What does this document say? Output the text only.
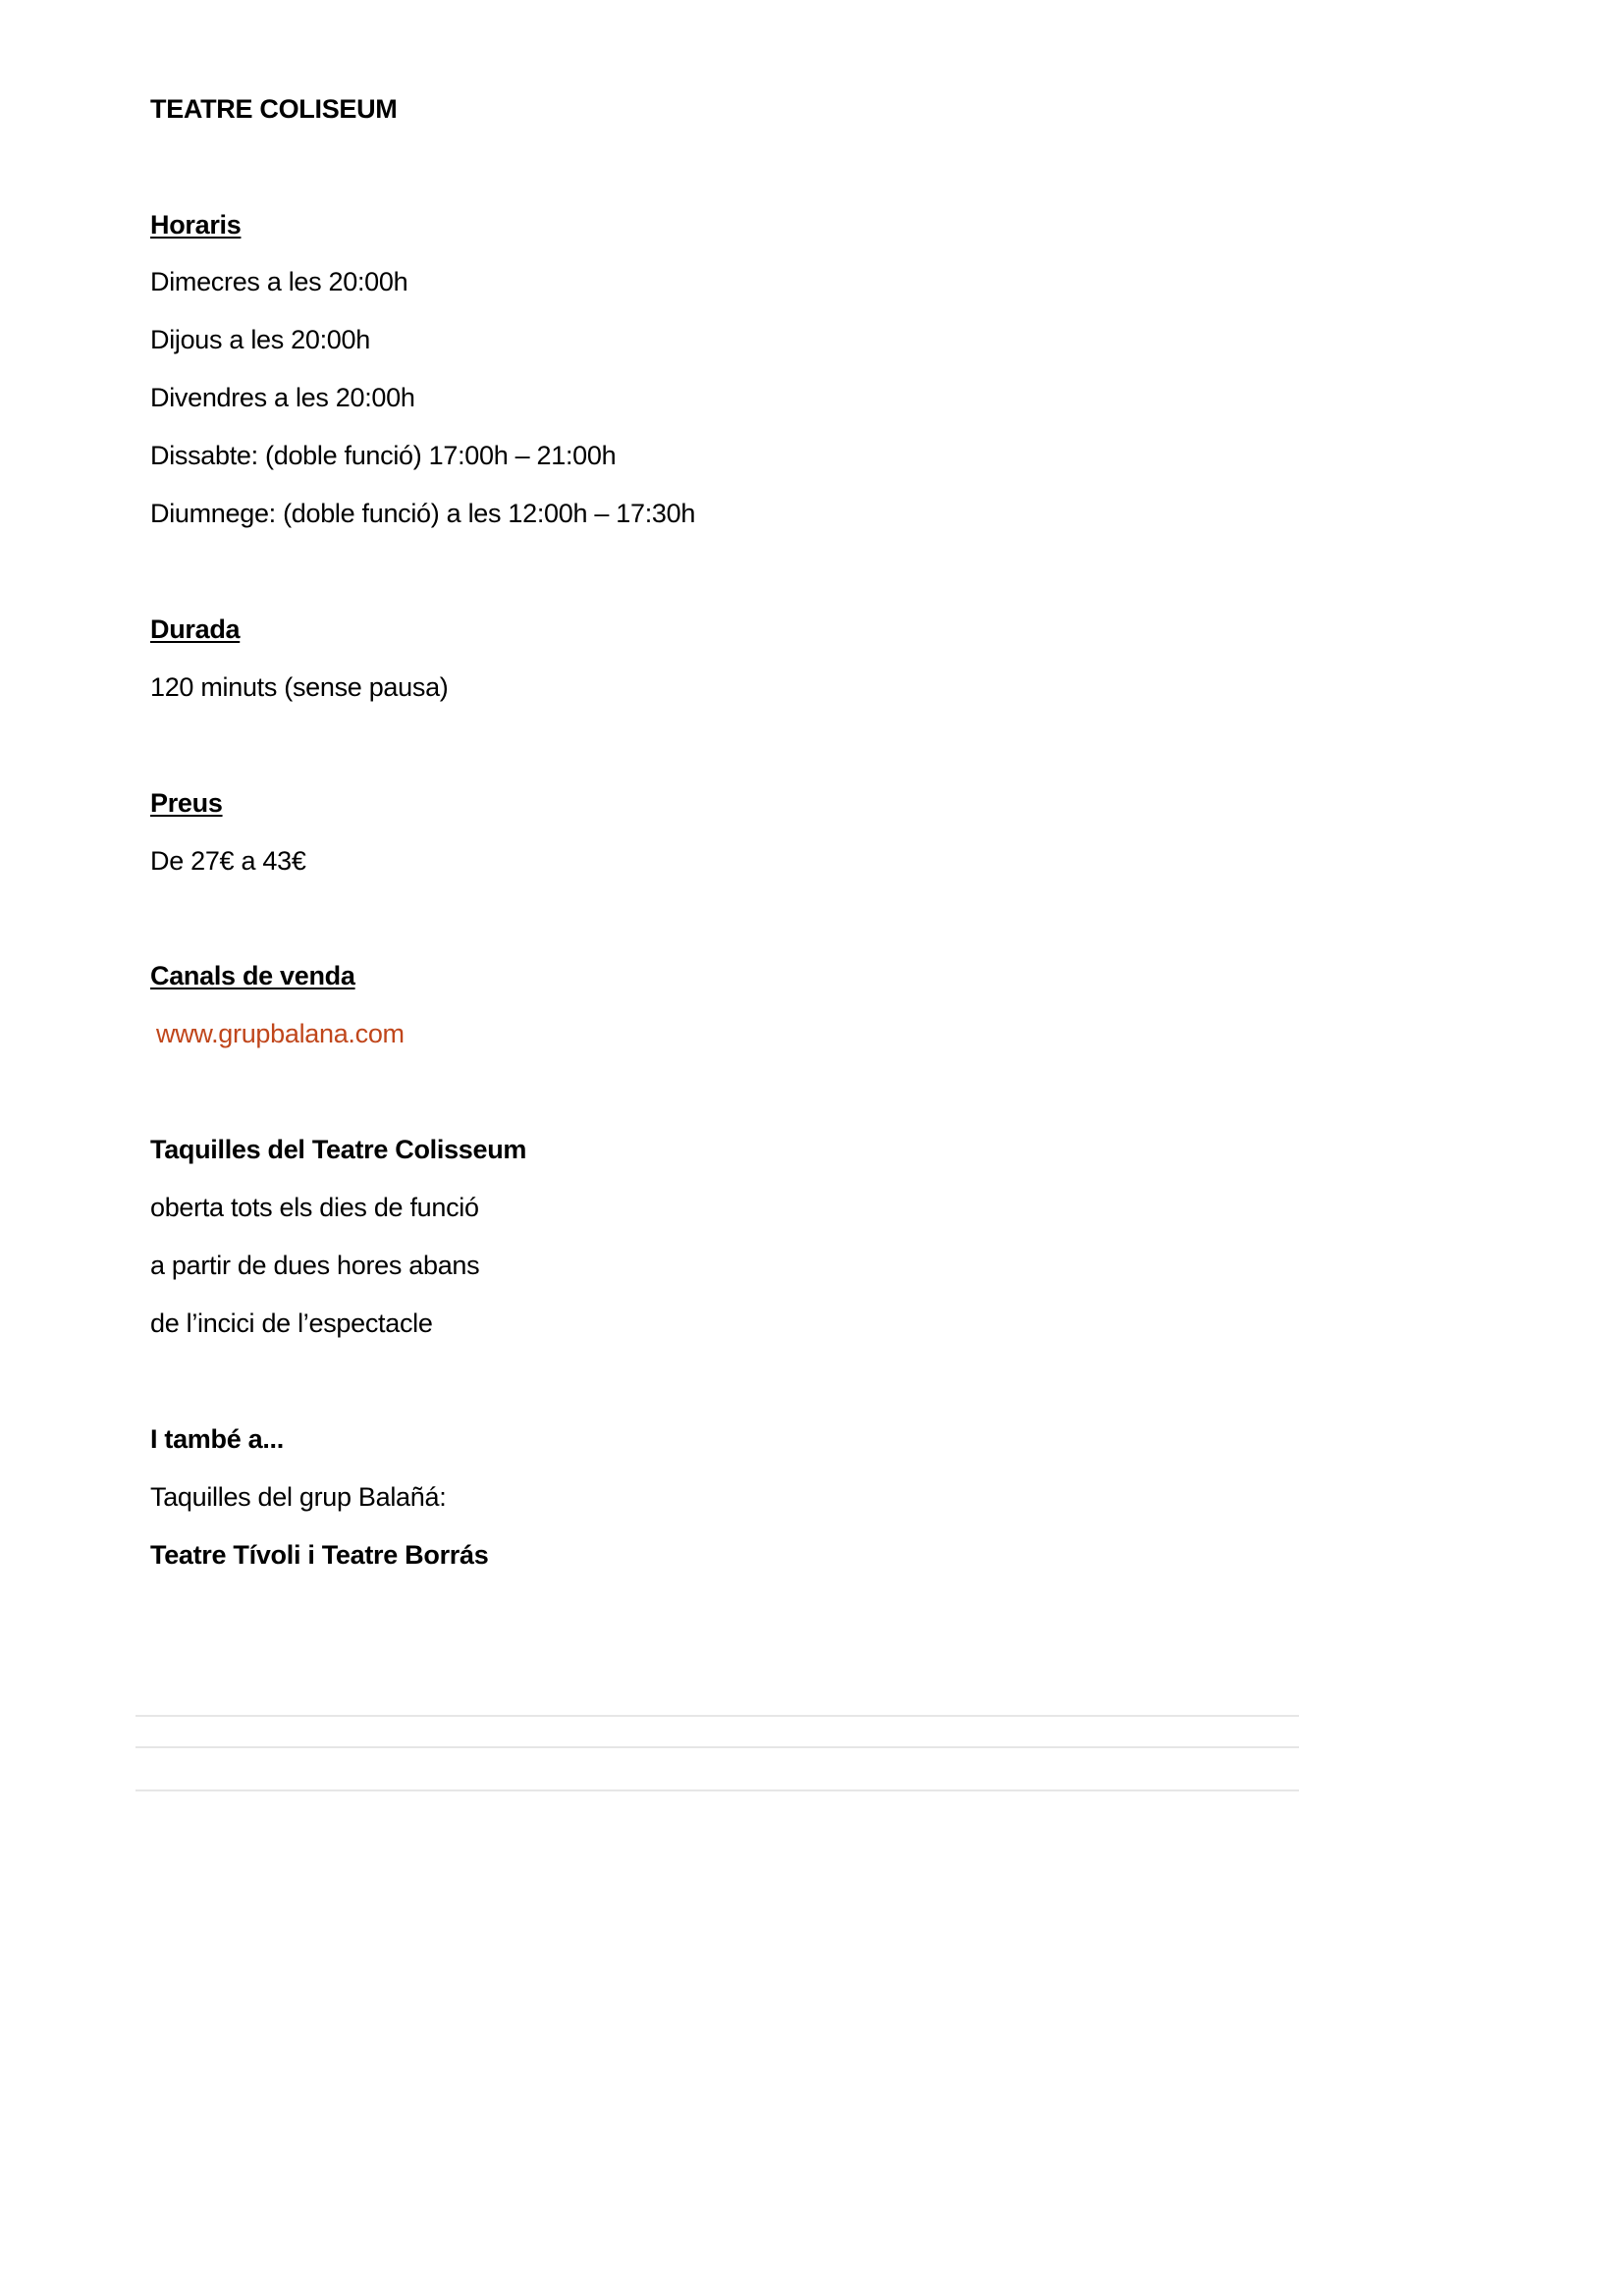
TEATRE COLISEUM
Horaris
Dimecres a les 20:00h
Dijous a les 20:00h
Divendres a les 20:00h
Dissabte: (doble funció) 17:00h – 21:00h
Diumnege: (doble funció) a les 12:00h – 17:30h
Durada
120 minuts (sense pausa)
Preus
De 27€ a 43€
Canals de venda
www.grupbalana.com
Taquilles del Teatre Colisseum
oberta tots els dies de funció
a partir de dues hores abans
de l’incici de l’espectacle
I també a...
Taquilles del grup Balañá:
Teatre Tívoli i Teatre Borrás
